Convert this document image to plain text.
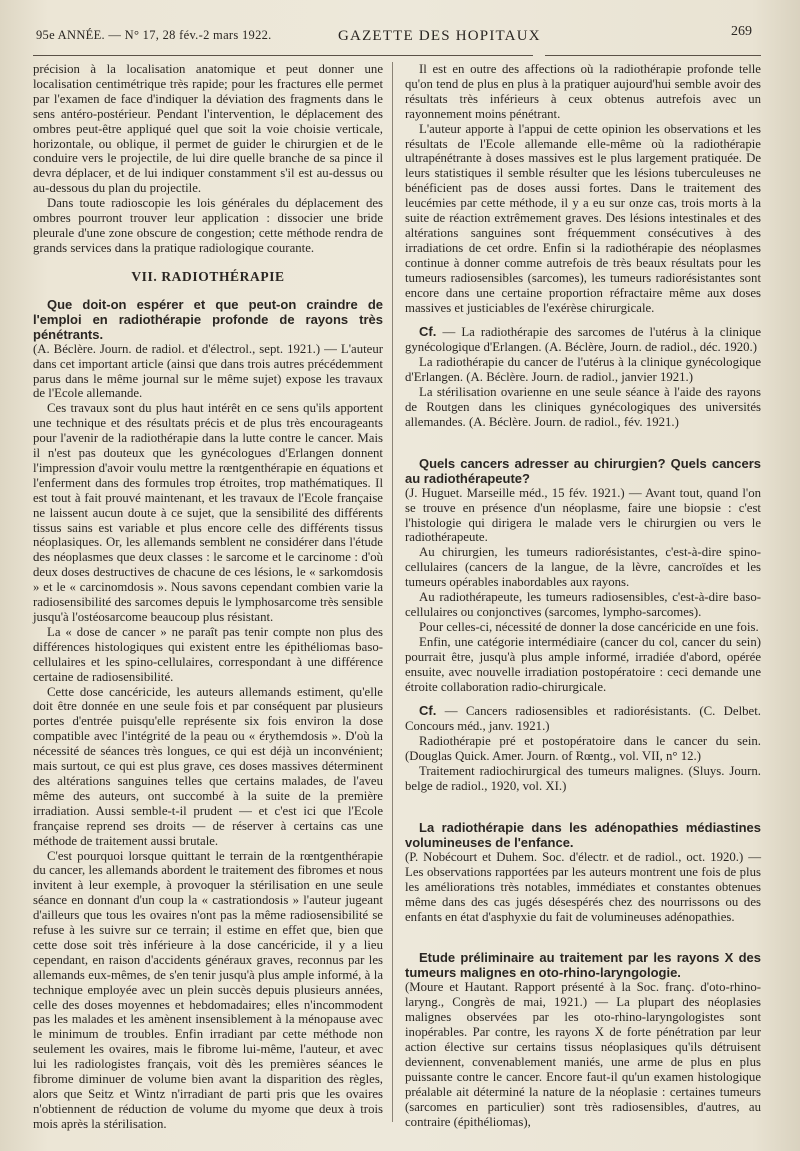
95e ANNÉE. — N° 17, 28 fév.-2 mars 1922.	GAZETTE DES HOPITAUX	269

précision à la localisation anatomique et peut donner une localisation centimétrique très rapide; pour les fractures elle permet par l'examen de face d'indiquer la déviation des fragments dans le sens antéro-postérieur. Pendant l'intervention, le déplacement des ombres peut-être appliqué quel que soit la voie choisie verticale, horizontale, ou oblique, il permet de guider le chirurgien et de le conduire vers le projectile, de lui dire quelle branche de sa pince il devra déplacer, et de lui indiquer constamment s'il est au-dessus ou au-dessous du plan du projectile.

Dans toute radioscopie les lois générales du déplacement des ombres pourront trouver leur application : dissocier une bride pleurale d'une zone obscure de congestion; cette méthode rendra de grands services dans la pratique radiologique courante.

VII. RADIOTHÉRAPIE

Que doit-on espérer et que peut-on craindre de l'emploi en radiothérapie profonde de rayons très pénétrants.

(A. Béclère. Journ. de radiol. et d'électrol., sept. 1921.) — L'auteur dans cet important article (ainsi que dans trois autres précédemment parus dans le même journal sur le même sujet) expose les travaux de l'Ecole allemande.

Ces travaux sont du plus haut intérêt en ce sens qu'ils apportent une technique et des résultats précis et de plus très encourageants pour l'avenir de la radiothérapie dans la lutte contre le cancer. Mais il n'est pas douteux que les gynécologues d'Erlangen donnent l'impression d'avoir voulu mettre la rœntgenthérapie en équations et l'enferment dans des formules trop étroites, trop mathématiques. Il est tout à fait prouvé maintenant, et les travaux de l'Ecole française ne laissent aucun doute à ce sujet, que la sensibilité des différents tissus sains est variable et plus encore celle des différents tissus néoplasiques. Or, les allemands semblent ne considérer dans l'étude des néoplasmes que deux classes : le sarcome et le carcinome : d'où deux doses destructives de chacune de ces lésions, le « sarkomdosis » et le « carcinomdosis ». Nous savons cependant combien varie la radiosensibilité des sarcomes depuis le lymphosarcome très sensible jusqu'à l'ostéosarcome beaucoup plus résistant.

La « dose de cancer » ne paraît pas tenir compte non plus des différences histologiques qui existent entre les épithéliomas baso-cellulaires et les spino-cellulaires, correspondant à une différence certaine de radiosensibilité.

Cette dose cancéricide, les auteurs allemands estiment, qu'elle doit être donnée en une seule fois et par conséquent par plusieurs portes d'entrée puisqu'elle représente six fois environ la dose compatible avec l'intégrité de la peau ou « érythemdosis ». D'où la nécessité de séances très longues, ce qui est déjà un inconvénient; mais surtout, ce qui est plus grave, ces doses massives déterminent des altérations sanguines telles que certains malades, de l'aveu même des auteurs, ont succombé à la suite de la première irradiation. Aussi semble-t-il prudent — et c'est ici que l'Ecole française reprend ses droits — de réserver à certains cas une méthode de traitement aussi brutale.

C'est pourquoi lorsque quittant le terrain de la rœntgenthérapie du cancer, les allemands abordent le traitement des fibromes et nous invitent à leur exemple, à provoquer la stérilisation en une seule séance en donnant d'un coup la « castrationdosis » l'auteur jugeant d'ailleurs que tous les ovaires n'ont pas la même radiosensibilité se refuse à les suivre sur ce terrain; il estime en effet que, bien que cette dose soit très inférieure à la dose cancéricide, il y a lieu cependant, en raison d'accidents généraux graves, reconnus par les allemands eux-mêmes, de s'en tenir jusqu'à plus ample informé, à la technique employée avec un plein succès depuis plusieurs années, celle des doses moyennes et hebdomadaires; elles n'incommodent pas les malades et les amènent insensiblement à la ménopause avec le minimum de troubles. Enfin irradiant par cette méthode non seulement les ovaires, mais le fibrome lui-même, l'auteur, et avec lui les radiologistes français, voit dès les premières séances le fibrome diminuer de volume bien avant la disparition des règles, alors que Seitz et Wintz n'irradiant de parti pris que les ovaires n'obtiennent de réduction de volume du myome que deux à trois mois après la stérilisation.

Il est en outre des affections où la radiothérapie profonde telle qu'on tend de plus en plus à la pratiquer aujourd'hui semble avoir des résultats très inférieurs à ceux obtenus autrefois avec un rayonnement moins pénétrant.

L'auteur apporte à l'appui de cette opinion les observations et les résultats de l'Ecole allemande elle-même où la radiothérapie ultrapénétrante à doses massives est le plus largement pratiquée. De leurs statistiques il semble résulter que les lésions tuberculeuses ne bénéficient pas de doses aussi fortes. Dans le traitement des leucémies par cette méthode, il y a eu sur onze cas, trois morts à la suite de réaction extrêmement graves. Des lésions intestinales et des altérations sanguines sont fréquemment consécutives à des irradiations de cet ordre. Enfin si la radiothérapie des néoplasmes continue à donner comme autrefois de très beaux résultats pour les tumeurs radiosensibles (sarcomes), les tumeurs radiorésistantes sont encore dans une certaine proportion réfractaire même aux doses massives et justiciables de l'exérèse chirurgicale.

Cf. — La radiothérapie des sarcomes de l'utérus à la clinique gynécologique d'Erlangen. (A. Béclère, Journ. de radiol., déc. 1920.)

La radiothérapie du cancer de l'utérus à la clinique gynécologique d'Erlangen. (A. Béclère. Journ. de radiol., janvier 1921.)

La stérilisation ovarienne en une seule séance à l'aide des rayons de Routgen dans les cliniques gynécologiques des universités allemandes. (A. Béclère. Journ. de radiol., fév. 1921.)

Quels cancers adresser au chirurgien? Quels cancers au radiothérapeute?

(J. Huguet. Marseille méd., 15 fév. 1921.) — Avant tout, quand l'on se trouve en présence d'un néoplasme, faire une biopsie : c'est l'histologie qui dirigera le malade vers le chirurgien ou vers le radiothérapeute.

Au chirurgien, les tumeurs radiorésistantes, c'est-à-dire spino-cellulaires (cancers de la langue, de la lèvre, cancroïdes et les tumeurs opérables inabordables aux rayons.

Au radiothérapeute, les tumeurs radiosensibles, c'est-à-dire baso-cellulaires ou conjonctives (sarcomes, lympho-sarcomes).

Pour celles-ci, nécessité de donner la dose cancéricide en une fois.

Enfin, une catégorie intermédiaire (cancer du col, cancer du sein) pourrait être, jusqu'à plus ample informé, irradiée d'abord, opérée ensuite, avec nouvelle irradiation postopératoire : ceci demande une étroite collaboration radio-chirurgicale.

Cf. — Cancers radiosensibles et radiorésistants. (C. Delbet. Concours méd., janv. 1921.)

Radiothérapie pré et postopératoire dans le cancer du sein. (Douglas Quick. Amer. Journ. of Rœntg., vol. VII, n° 12.)

Traitement radiochirurgical des tumeurs malignes. (Sluys. Journ. belge de radiol., 1920, vol. XI.)

La radiothérapie dans les adénopathies médiastines volumineuses de l'enfance.

(P. Nobécourt et Duhem. Soc. d'électr. et de radiol., oct. 1920.) — Les observations rapportées par les auteurs montrent une fois de plus les améliorations très notables, immédiates et constantes obtenues même dans des cas jugés désespérés chez des nourrissons ou des enfants en état d'asphyxie du fait de volumineuses adénopathies.

Etude préliminaire au traitement par les rayons X des tumeurs malignes en oto-rhino-laryngologie.

(Moure et Hautant. Rapport présenté à la Soc. franç. d'oto-rhino-laryng., Congrès de mai, 1921.) — La plupart des néoplasies malignes observées par les oto-rhino-laryngologistes sont inopérables. Par contre, les rayons X de forte pénétration par leur action élective sur certains tissus néoplasiques qu'ils détruisent deviennent, convenablement maniés, une arme de plus en plus puissante contre le cancer. Encore faut-il qu'un examen histologique préalable ait déterminé la nature de la néoplasie : certaines tumeurs (sarcomes en particulier) sont très radiosensibles, d'autres, au contraire (épithéliomas),
